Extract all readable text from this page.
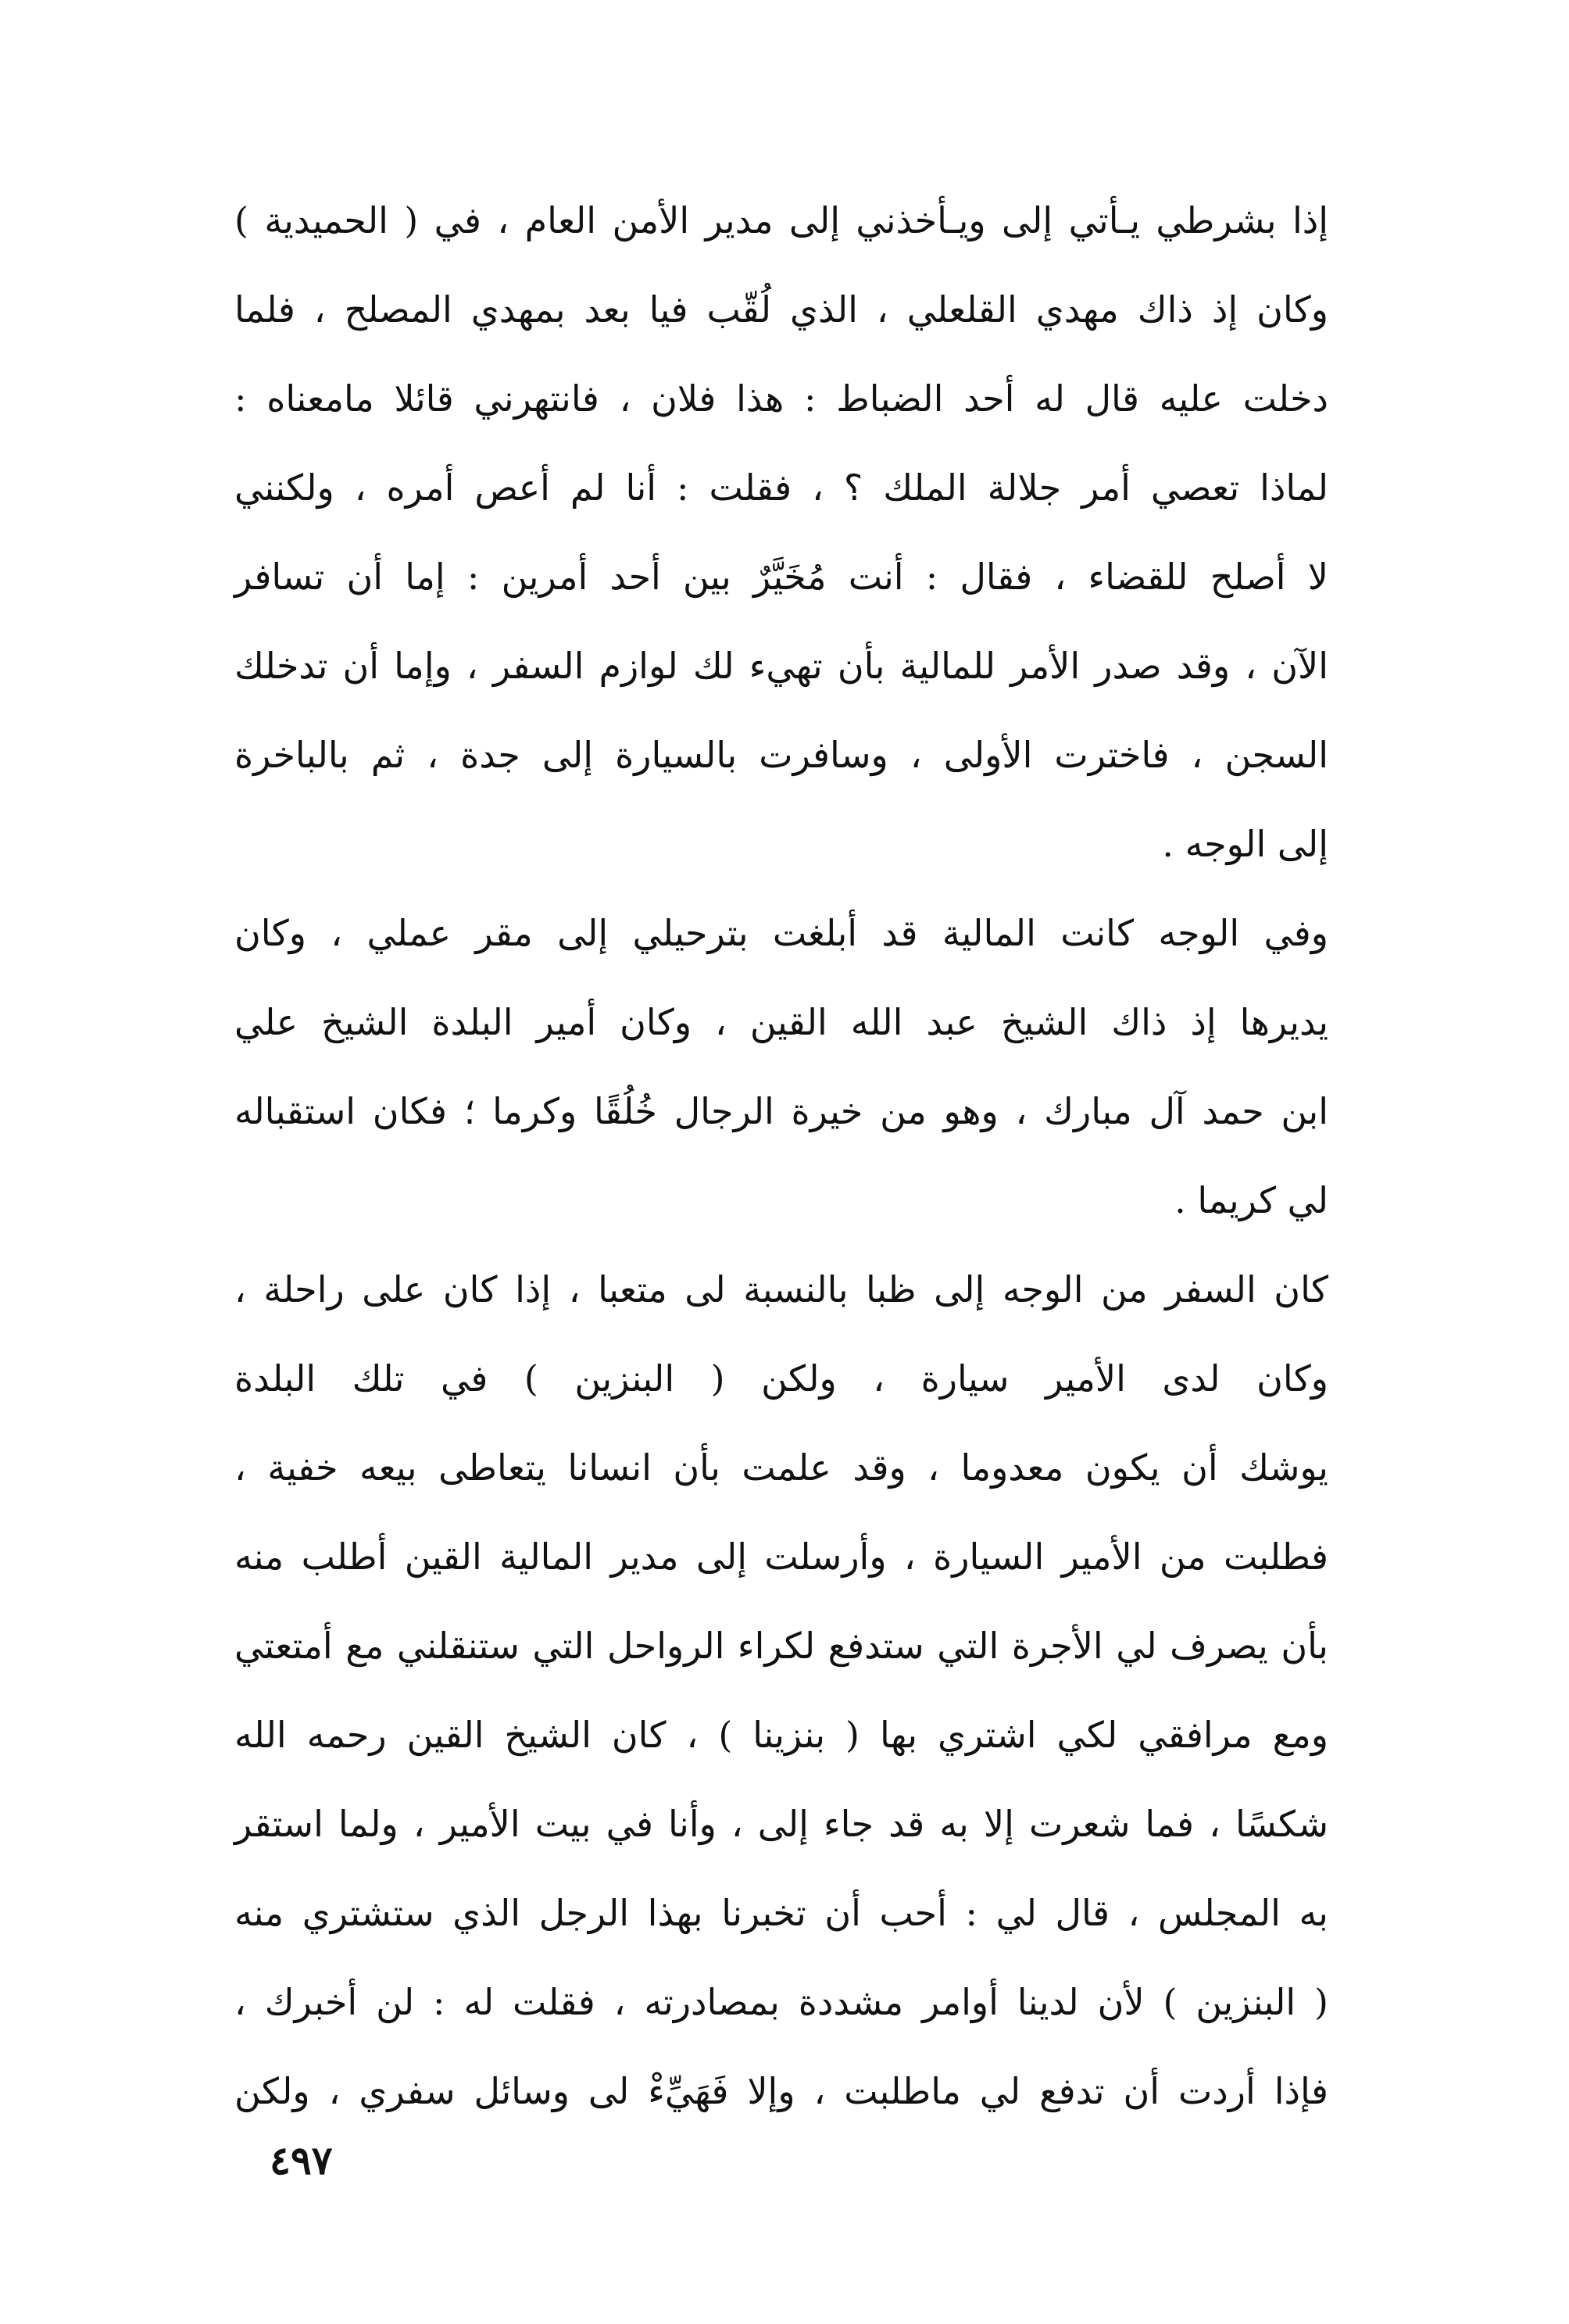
إذا بشرطي يـأتي إلى ويـأخذني إلى مدير الأمن العام ، في ( الحميدية )
وكان إذ ذاك مهدي القلعلي ، الذي لُقّب فيا بعد بمهدي المصلح ، فلما
دخلت عليه قال له أحد الضباط : هذا فلان ، فانتهرني قائلا مامعناه :
لماذا تعصي أمر جلالة الملك ؟ ، فقلت : أنا لم أعص أمره ، ولكنني
لا أصلح للقضاء ، فقال : أنت مُخَيَّرٌ بين أحد أمرين : إما أن تسافر
الآن ، وقد صدر الأمر للمالية بأن تهيء لك لوازم السفر ، وإما أن تدخلك
السجن ، فاخترت الأولى ، وسافرت بالسيارة إلى جدة ، ثم بالباخرة
إلى الوجه .
وفي الوجه كانت المالية قد أبلغت بترحيلي إلى مقر عملي ، وكان
يديرها إذ ذاك الشيخ عبد الله القين ، وكان أمير البلدة الشيخ علي
ابن حمد آل مبارك ، وهو من خيرة الرجال خُلُقًا وكرما ؛ فكان استقباله
لي كريما .
كان السفر من الوجه إلى ظبا بالنسبة لى متعبا ، إذا كان على راحلة ،
وكان لدى الأمير سيارة ، ولكن ( البنزين ) في تلك البلدة
يوشك أن يكون معدوما ، وقد علمت بأن انسانا يتعاطى بيعه خفية ،
فطلبت من الأمير السيارة ، وأرسلت إلى مدير المالية القين أطلب منه
بأن يصرف لي الأجرة التي ستدفع لكراء الرواحل التي ستنقلني مع أمتعتي
ومع مرافقي لكي اشتري بها ( بنزينا ) ، كان الشيخ القين رحمه الله
شكسًا ، فما شعرت إلا به قد جاء إلى ، وأنا في بيت الأمير ، ولما استقر
به المجلس ، قال لي : أحب أن تخبرنا بهذا الرجل الذي ستشتري منه
( البنزين ) لأن لدينا أوامر مشددة بمصادرته ، فقلت له : لن أخبرك ،
فإذا أردت أن تدفع لي ماطلبت ، وإلا فَهَيِّءْ لى وسائل سفري ، ولكن
٤٩٧
